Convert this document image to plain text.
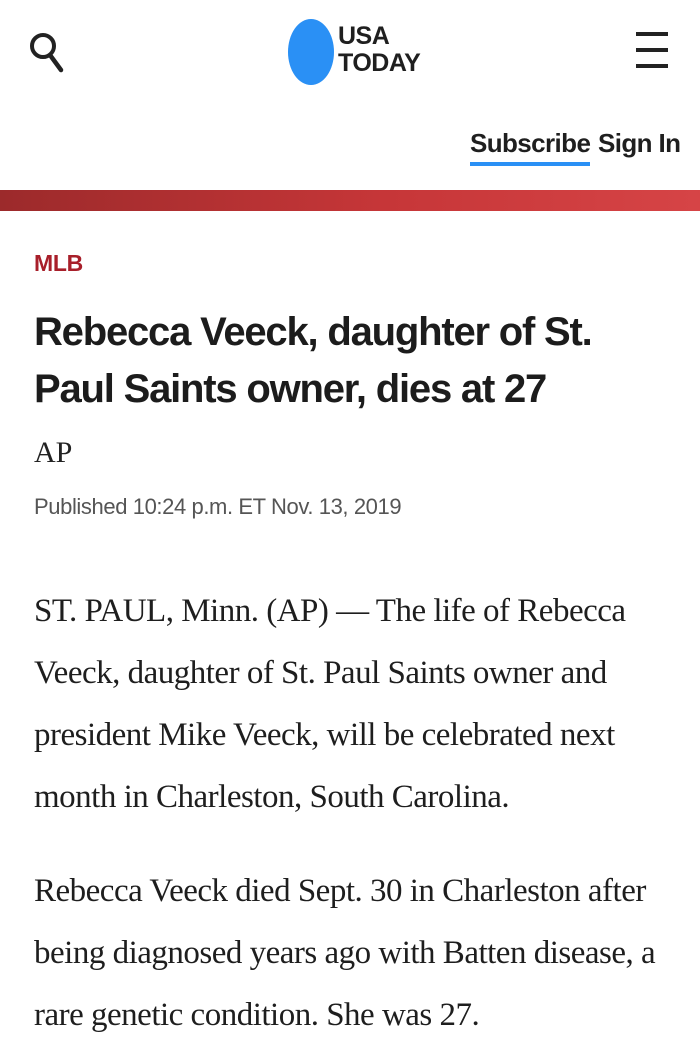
USA
TODAY
Subscribe Sign In
MLB
Rebecca Veeck, daughter of St. Paul Saints owner, dies at 27
AP
Published 10:24 p.m. ET Nov. 13, 2019

ST. PAUL, Minn. (AP) — The life of Rebecca Veeck, daughter of St. Paul Saints owner and president Mike Veeck, will be celebrated next month in Charleston, South Carolina.

Rebecca Veeck died Sept. 30 in Charleston after being diagnosed years ago with Batten disease, a rare genetic condition. She was 27.
